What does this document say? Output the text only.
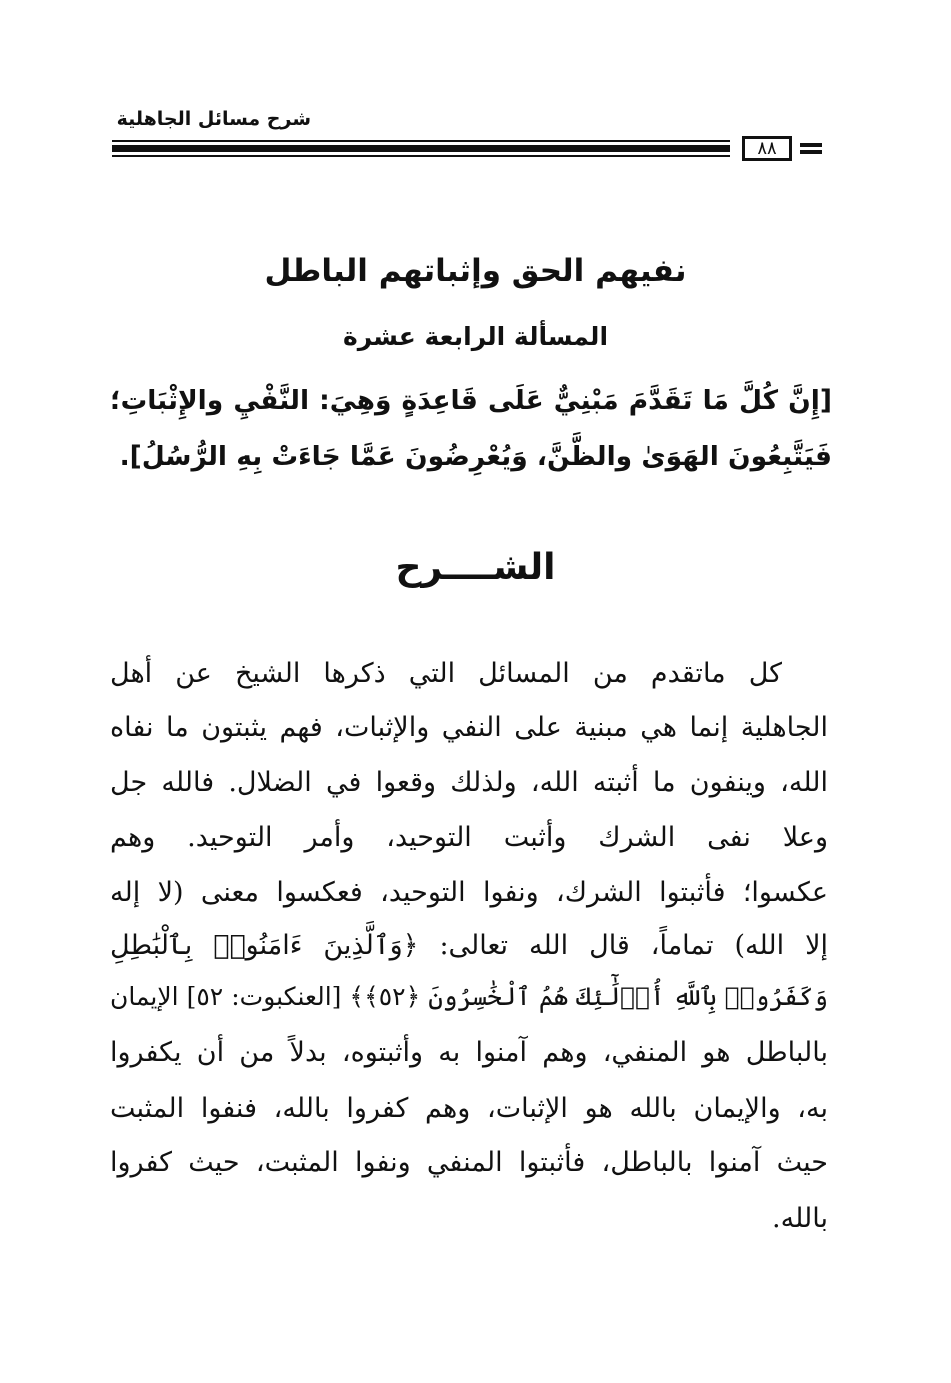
شرح مسائل الجاهلية
٨٨
نفيهم الحق وإثباتهم الباطل
المسألة الرابعة عشرة
[إِنَّ كُلَّ مَا تَقَدَّمَ مَبْنِيٌّ عَلَى قَاعِدَةٍ وَهِيَ: النَّفْيِ والإِثْبَاتِ؛
فَيَتَّبِعُونَ الهَوَىٰ والظَّنَّ، وَيُعْرِضُونَ عَمَّا جَاءَتْ بِهِ الرُّسُلُ].
الشــــرح
كل ماتقدم من المسائل التي ذكرها الشيخ عن أهل
الجاهلية إنما هي مبنية على النفي والإثبات، فهم يثبتون ما نفاه
الله، وينفون ما أثبته الله، ولذلك وقعوا في الضلال. فالله جل
وعلا نفى الشرك وأثبت التوحيد، وأمر التوحيد. وهم
عكسوا؛ فأثبتوا الشرك، ونفوا التوحيد، فعكسوا معنى (لا إله
إلا الله) تماماً، قال الله تعالى: ﴿وَٱلَّذِينَ ءَامَنُوا۟ بِٱلْبَٰطِلِ
وَكَفَرُوا۟ بِٱللَّهِ أُو۟لَٰٓئِكَ هُمُ ٱلْخَٰسِرُونَ ﴿٥٢﴾﴾ [العنكبوت: ٥٢] الإيمان
بالباطل هو المنفي، وهم آمنوا به وأثبتوه، بدلاً من أن يكفروا
به، والإيمان بالله هو الإثبات، وهم كفروا بالله، فنفوا المثبت
حيث آمنوا بالباطل، فأثبتوا المنفي ونفوا المثبت، حيث كفروا
بالله.
